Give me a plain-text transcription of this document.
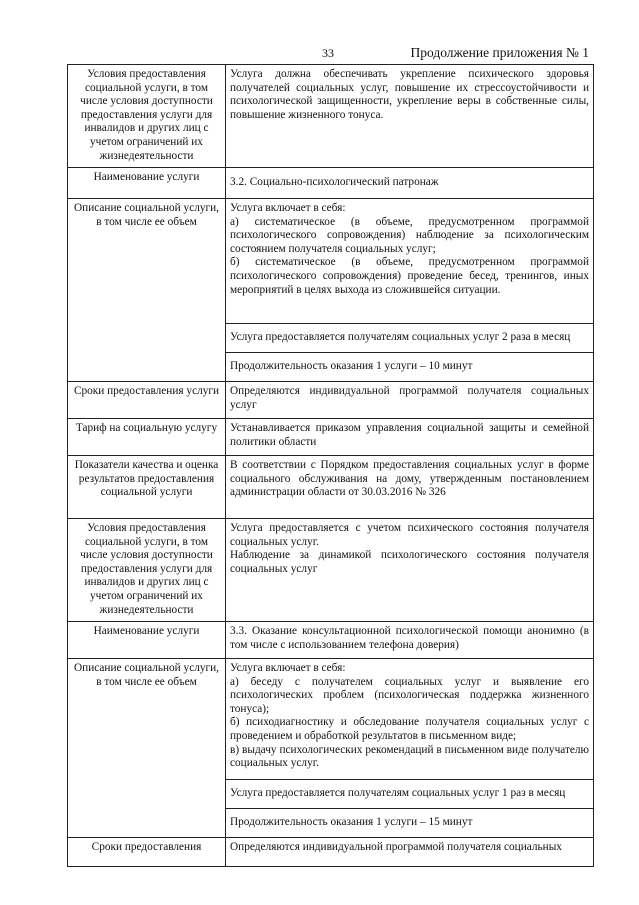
33	Продолжение приложения № 1
Условия предоставления социальной услуги, в том числе условия доступности предоставления услуги для инвалидов и других лиц с учетом ограничений их жизнедеятельности	Услуга должна обеспечивать укрепление психического здоровья получателей социальных услуг, повышение их стрессоустойчивости и психологической защищенности, укрепление веры в собственные силы, повышение жизненного тонуса.
Наименование услуги	3.2. Социально-психологический патронаж
Описание социальной услуги, в том числе ее объем	Услуга включает в себя:
а) систематическое (в объеме, предусмотренном программой психологического сопровождения) наблюдение за психологическим состоянием получателя социальных услуг;
б) систематическое (в объеме, предусмотренном программой психологического сопровождения) проведение бесед, тренингов, иных мероприятий в целях выхода из сложившейся ситуации.

	Услуга предоставляется получателям социальных услуг 2 раза в месяц
	Продолжительность оказания 1 услуги – 10 минут
Сроки предоставления услуги	Определяются индивидуальной программой получателя социальных услуг
Тариф на социальную услугу	Устанавливается приказом управления социальной защиты и семейной политики области
Показатели качества и оценка результатов предоставления социальной услуги	В соответствии с Порядком предоставления социальных услуг в форме социального обслуживания на дому, утвержденным постановлением администрации области от 30.03.2016 № 326
Условия предоставления социальной услуги, в том числе условия доступности предоставления услуги для инвалидов и других лиц с учетом ограничений их жизнедеятельности	Услуга предоставляется с учетом психического состояния получателя социальных услуг.
Наблюдение за динамикой психологического состояния получателя социальных услуг

Наименование услуги	3.3. Оказание консультационной психологической помощи анонимно (в том числе с использованием телефона доверия)
Описание социальной услуги, в том числе ее объем	Услуга включает в себя:
а) беседу с получателем социальных услуг и выявление его психологических проблем (психологическая поддержка жизненного тонуса);
б) психодиагностику и обследование получателя социальных услуг с проведением и обработкой результатов в письменном виде;
в) выдачу психологических рекомендаций в письменном виде получателю социальных услуг.

	Услуга предоставляется получателям социальных услуг 1 раз в месяц
	Продолжительность оказания 1 услуги – 15 минут
Сроки предоставления	Определяются индивидуальной программой получателя социальных
